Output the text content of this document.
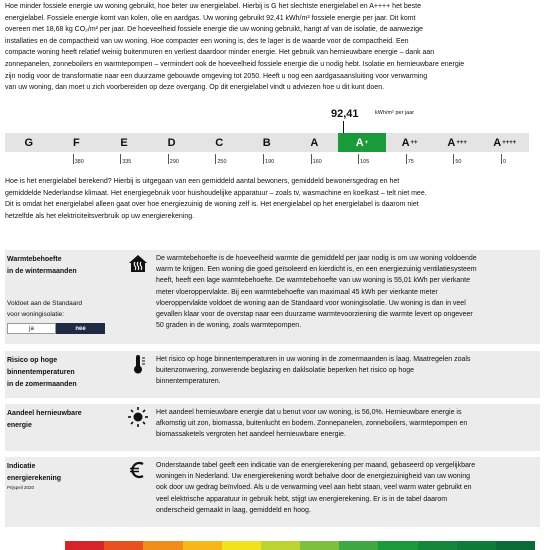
Hoe minder fossiele energie uw woning gebruikt, hoe beter uw energielabel. Hierbij is G het slechtste energielabel en A++++ het beste

energielabel. Fossiele energie komt van kolen, olie en aardgas. Uw woning gebruikt 92,41 kWh/m² fossiele energie per jaar. Dit komt

overeen met 18,68 kg CO₂/m² per jaar. De hoeveelheid fossiele energie die uw woning gebruikt, hangt af van de isolatie, de aanwezige

installaties en de compactheid van uw woning. Hoe compacter een woning is, des te lager is de waarde voor de compactheid. Een

compacte woning heeft relatief weinig buitenmuren en verliest daardoor minder energie. Het gebruik van hernieuwbare energie – dank aan

zonnepanelen, zonneboilers en warmtepompen – vermindert ook de hoeveelheid fossiele energie die u nodig hebt. Isolatie en hernieuwbare energie

zijn nodig voor de transformatie naar een duurzame gebouwde omgeving tot 2050. Heeft u nog een aardgasaansluiting voor verwarming

van uw woning, dan moet u zich voorbereiden op deze overgang. Op dit energielabel vindt u adviezen hoe u dit kunt doen.

92,41	kWh/m² per jaar
G	F	E	D	C	B	A	A +	A ++	A +++ A ++++
380	335	290	250	190	160	105	75	50	0

Hoe is het energielabel berekend? Hierbij is uitgegaan van een gemiddeld aantal bewoners, gemiddeld bewonersgedrag en het

gemiddelde Nederlandse klimaat. Het energiegebruik voor huishoudelijke apparatuur – zoals tv, wasmachine en koelkast – telt niet mee.

Dit is omdat het energielabel alleen gaat over hoe energiezuinig de woning zelf is. Het energielabel op het energielabel is daarom niet

hetzelfde als het elektriciteitsverbruik op uw energierekening.

Warmtebehoefte
in de wintermaanden
Voldoet aan de Standaard
voor woningisolatie:
ja	nee
De warmtebehoefte is de hoeveelheid warmte die gemiddeld per jaar nodig is om uw woning voldoende
warm te krijgen. Een woning die goed geïsoleerd en kierdicht is, en een energiezuinig ventilatiesysteem
heeft, heeft een lage warmtebehoefte. De warmtebehoefte van uw woning is 55,01 kWh per vierkante
meter vloeroppervlakte. Bij een warmtebehoefte van maximaal 45 kWh per vierkante meter
vloeroppervlakte voldoet de woning aan de Standaard voor woningisolatie. Uw woning is dan in veel
gevallen klaar voor de overstap naar een duurzame warmtevoorziening die warmte levert op ongeveer
50 graden in de woning, zoals warmtepompen.
Risico op hoge
binnentemperaturen
in de zomermaanden
Het risico op hoge binnentemperaturen in uw woning in de zomermaanden is laag. Maatregelen zoals
buitenzonwering, zonwerende beglazing en daklsolatie beperken het risico op hoge
binnentemperaturen.
Aandeel hernieuwbare
energie
Het aandeel hernieuwbare energie dat u benut voor uw woning, is 56,0%. Hernieuwbare energie is
afkomstig uit zon, biomassa, buitenlucht en bodem. Zonnepanelen, zonneboilers, warmtepompen en
biomassaketels vergroten het aandeel hernieuwbare energie.
Indicatie
energierekening
Prijspeil 2020
Onderstaande tabel geeft een indicatie van de energierekening per maand, gebaseerd op vergelijkbare
woningen in Nederland. Uw energierekening wordt behalve door de energiezuinigheid van uw woning
ook door uw gedrag beïnvloed. Als u de verwarming veel aan hebt staan, veel warm water gebruikt en
veel elektrische apparatuur in gebruik hebt, stijgt uw energierekening. Er is in de tabel daarom
onderscheid gemaakt in laag, gemiddeld en hoog.
